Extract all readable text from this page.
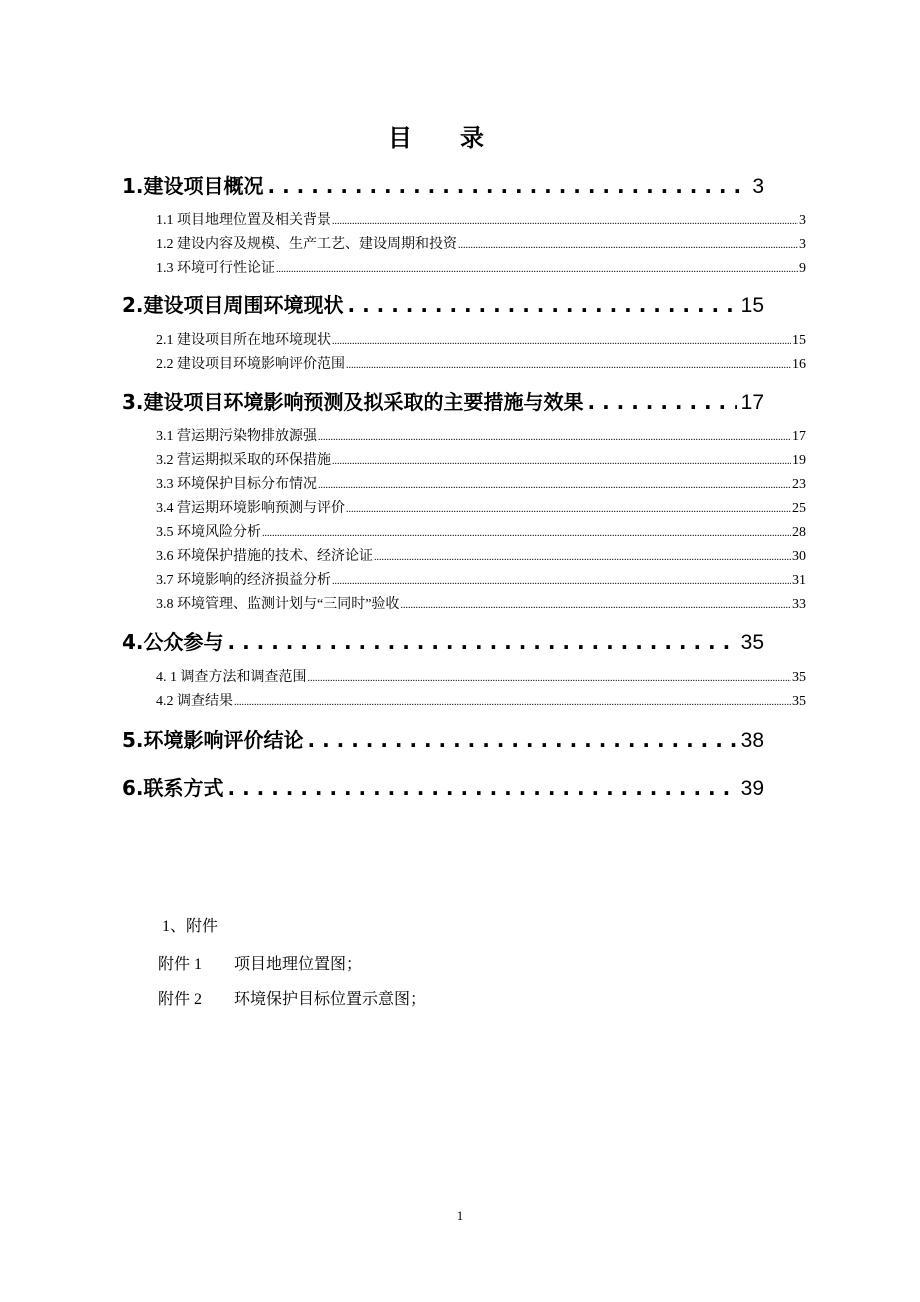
目录
1.建设项目概况 . . .	3
1.1 项目地理位置及相关背景 .....	3
1.2 建设内容及规模、生产工艺、建设周期和投资 .....	3
1.3 环境可行性论证 .....	9
2.建设项目周围环境现状 . . .	15
2.1 建设项目所在地环境现状 .....	15
2.2 建设项目环境影响评价范围 .....	16
3.建设项目环境影响预测及拟采取的主要措施与效果 . . .	17
3.1 营运期污染物排放源强 .....	17
3.2 营运期拟采取的环保措施 .....	19
3.3 环境保护目标分布情况 .....	23
3.4 营运期环境影响预测与评价 .....	25
3.5 环境风险分析 .....	28
3.6 环境保护措施的技术、经济论证 .....	30
3.7 环境影响的经济损益分析 .....	31
3.8 环境管理、监测计划与“三同时”验收 .....	33
4.公众参与 . . .	35
4. 1 调查方法和调查范围 .....	35
4.2 调查结果 .....	35
5.环境影响评价结论 . . .	38
6.联系方式 . . .	39
1、附件
附件 1 项目地理位置图；
附件 2 环境保护目标位置示意图；
1
